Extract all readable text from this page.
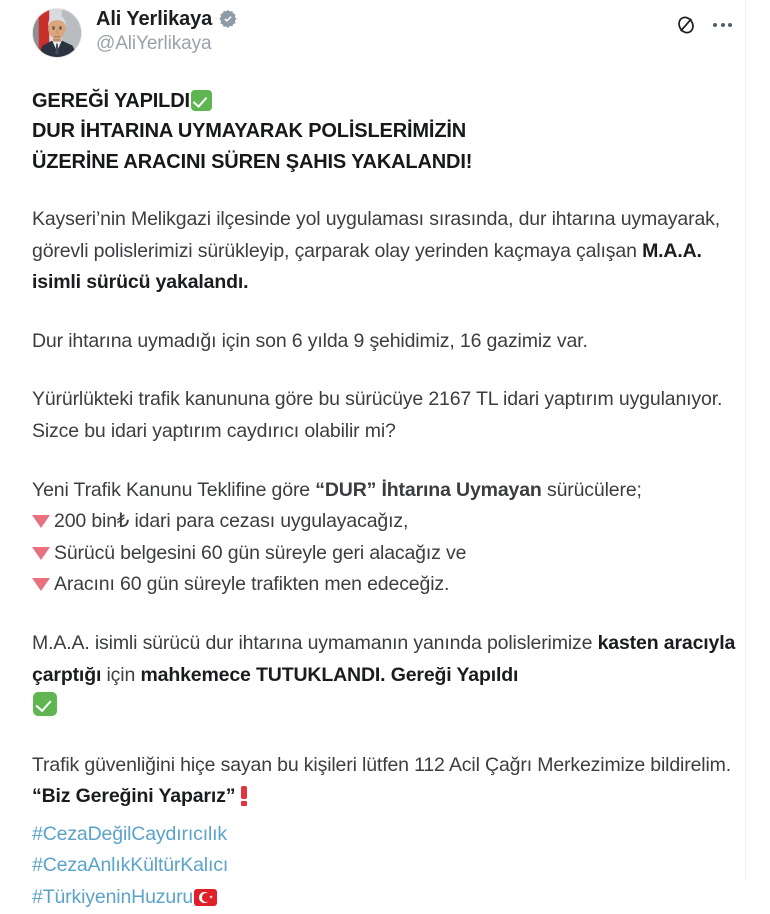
Ali Yerlikaya
@AliYerlikaya
GEREĞİ YAPILDI
DUR İHTARINA UYMAYARAK POLİSLERİMİZİN
ÜZERİNE ARACINI SÜREN ŞAHIS YAKALANDI!
Kayseri’nin Melikgazi ilçesinde yol uygulaması sırasında, dur ihtarına uymayarak, görevli polislerimizi sürükleyip, çarparak olay yerinden kaçmaya çalışan M.A.A. isimli sürücü yakalandı.
Dur ihtarına uymadığı için son 6 yılda 9 şehidimiz, 16 gazimiz var.
Yürürlükteki trafik kanununa göre bu sürücüye 2167 TL idari yaptırım uygulanıyor. Sizce bu idari yaptırım caydırıcı olabilir mi?
Yeni Trafik Kanunu Teklifine göre “DUR” İhtarına Uymayan sürücülere;
200 bin₺ idari para cezası uygulayacağız,
Sürücü belgesini 60 gün süreyle geri alacağız ve
Aracını 60 gün süreyle trafikten men edeceğiz.
M.A.A. isimli sürücü dur ihtarına uymamanın yanında polislerimize kasten aracıyla çarptığı için mahkemece TUTUKLANDI. Gereği Yapıldı

Trafik güvenliğini hiçe sayan bu kişileri lütfen 112 Acil Çağrı Merkezimize bildirelim. “Biz Gereğini Yaparız”
#CezaDeğilCaydırıcılık
#CezaAnlıkKültürKalıcı
#TürkiyeninHuzuru
